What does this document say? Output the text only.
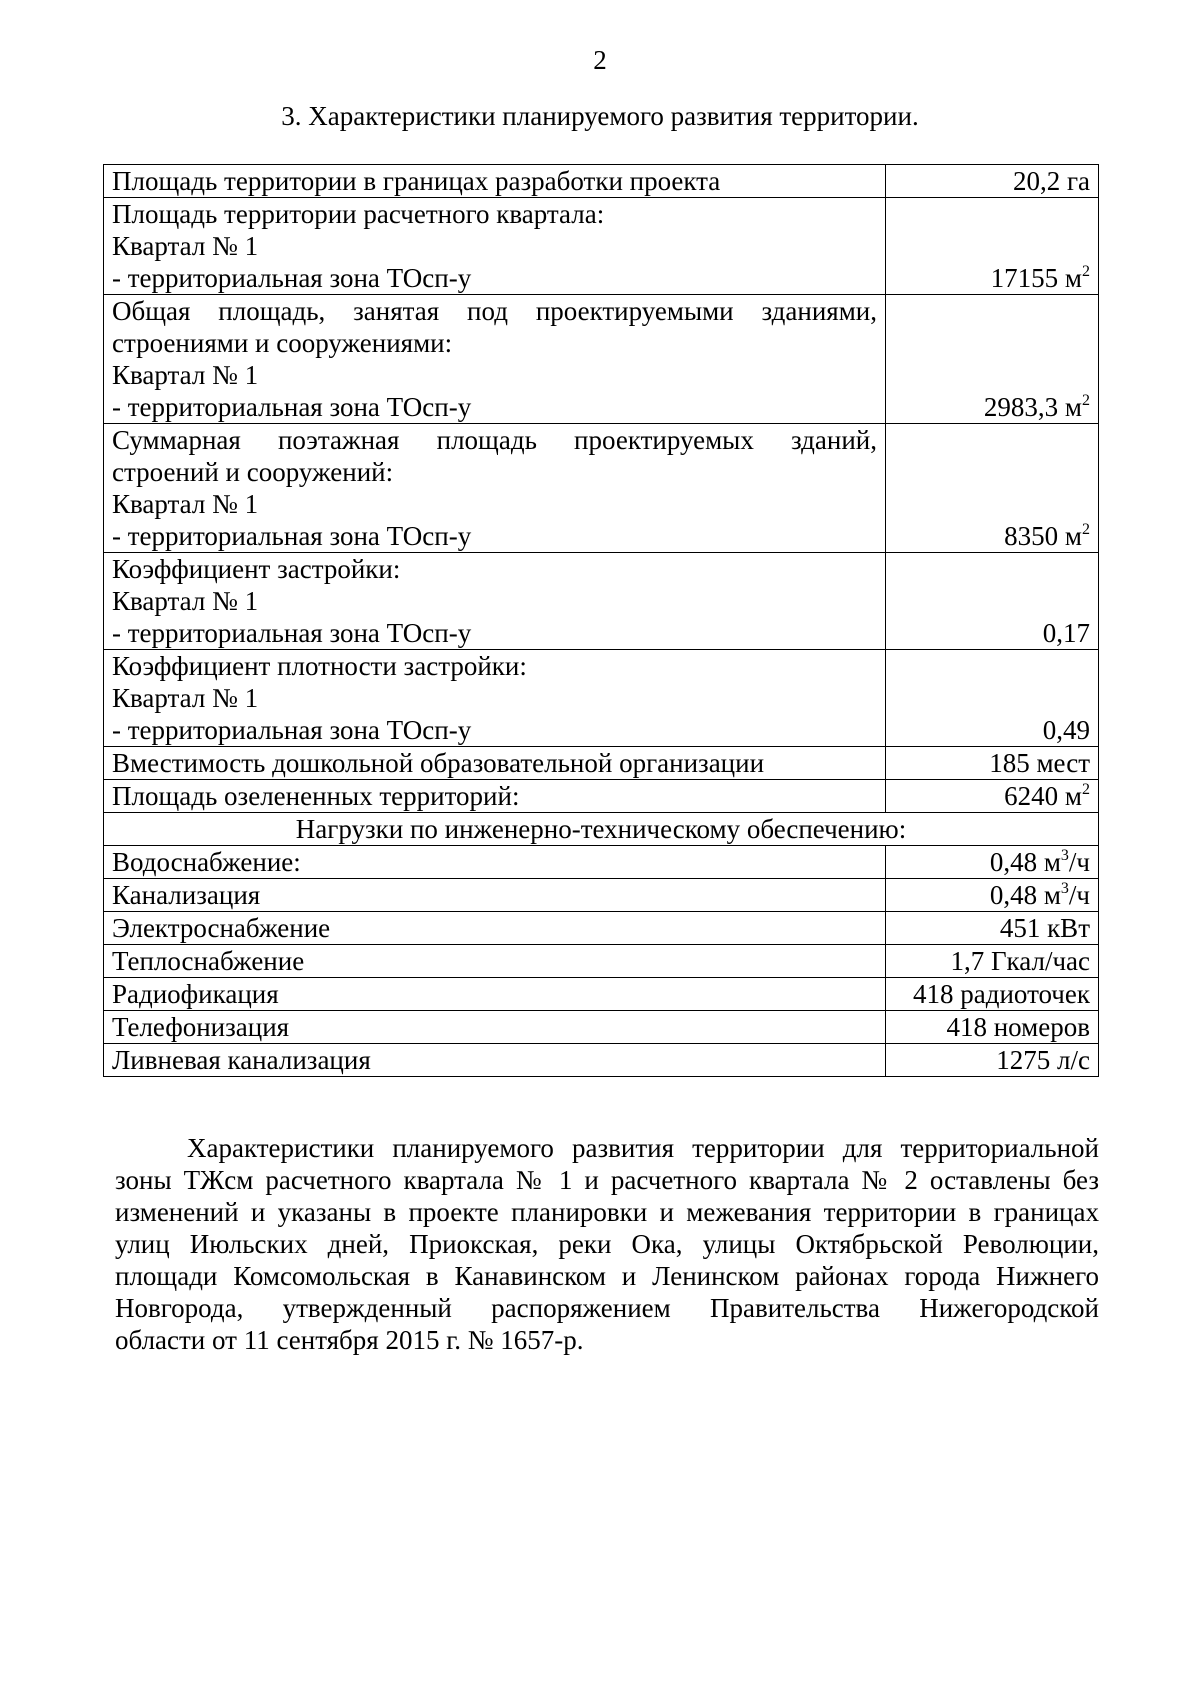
2
3. Характеристики планируемого развития территории.
Площадь территории в границах разработки проекта	20,2 га

Площадь территории расчетного квартала:
Квартал № 1
- территориальная зона ТОсп-у	17155 $м^2$

Общая площадь, занятая под проектируемыми зданиями,
строениями и сооружениями:
Квартал № 1
- территориальная зона ТОсп-у	2983,3 $м^2$

Суммарная поэтажная площадь проектируемых зданий,
строений и сооружений:
Квартал № 1
- территориальная зона ТОсп-у	8350 $м^2$

Коэффициент застройки:
Квартал № 1
- территориальная зона ТОсп-у	0,17

Коэффициент плотности застройки:
Квартал № 1
- территориальная зона ТОсп-у	0,49

Вместимость дошкольной образовательной организации	185 мест

Площадь озелененных территорий:	6240 $м^2$
Нагрузки по инженерно-техническому обеспечению:	
Водоснабжение:	0,48 $м^3/ч$
Канализация	0,48 $м^3/ч$
Электроснабжение	451 кВт
Теплоснабжение	1,7 Гкал/час
Радиофикация	418 радиоточек
Телефонизация	418 номеров
Ливневая канализация	1275 л/с
Характеристики планируемого развития территории для территориальной
зоны ТЖсм расчетного квартала № 1 и расчетного квартала № 2 оставлены без
изменений и указаны в проекте планировки и межевания территории в границах
улиц Июльских дней, Приокская, реки Ока, улицы Октябрьской Революции,
площади Комсомольская в Канавинском и Ленинском районах города Нижнего
Новгорода, утвержденный распоряжением Правительства Нижегородской
области от 11 сентября 2015 г. № 1657-р.
